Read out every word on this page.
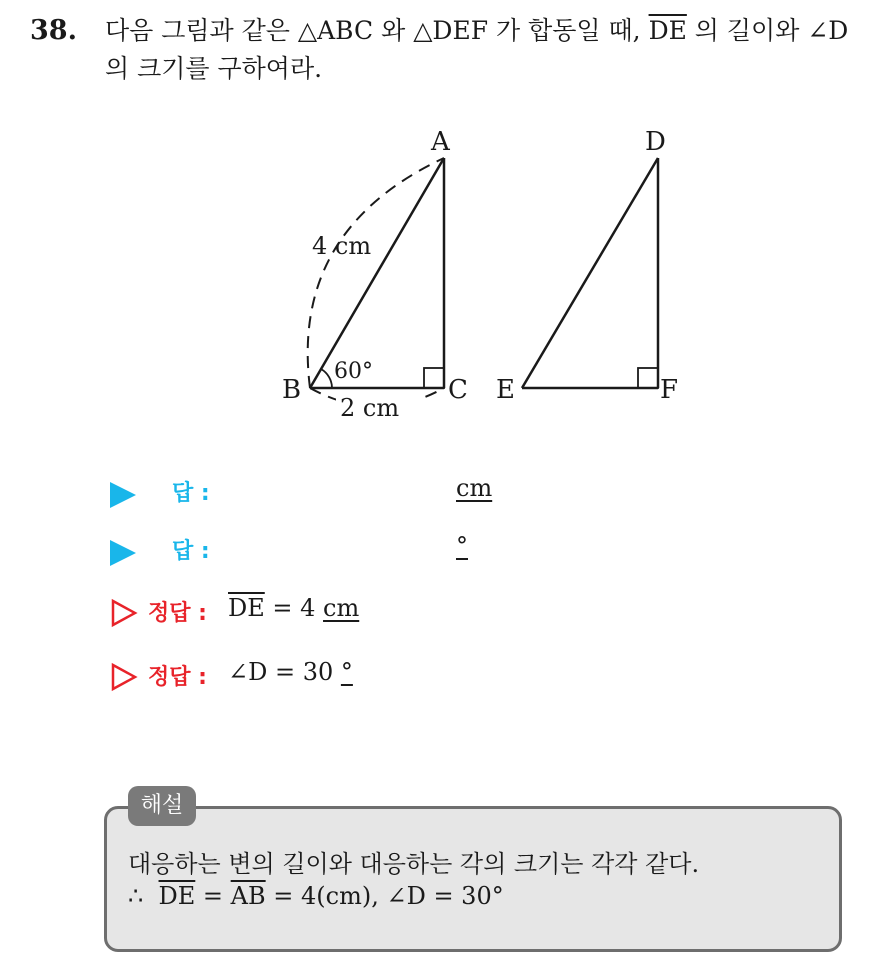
38. 다음 그림과 같은 △ABC 와 △DEF 가 합동일 때, $\overline{DE}$ 의 길이와 ∠D
의 크기를 구하여라.
A
B	C
D
E	F
4 cm
60°
2 cm
답 :	cm
답 :	°
정답 : $\overline{DE} = 4$ cm
정답 : ∠D = 30 °
해설
대응하는 변의 길이와 대응하는 각의 크기는 각각 같다.
∴  $\overline{DE} = \overline{AB} = 4(cm)$, ∠D = 30°
